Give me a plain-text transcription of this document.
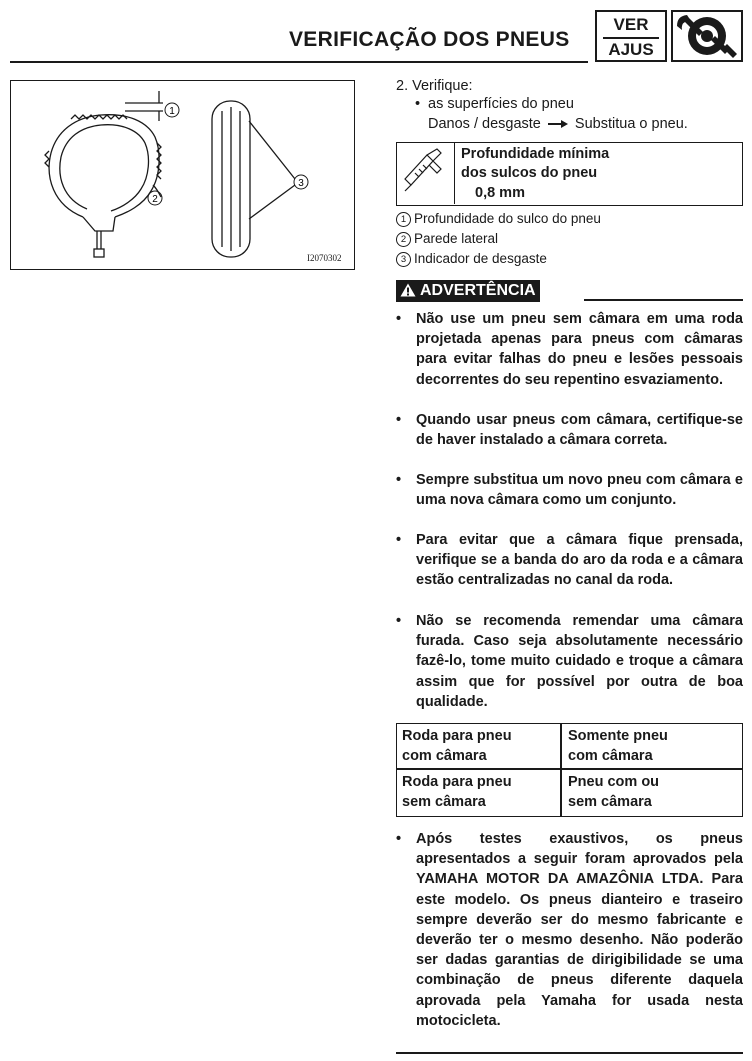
VERIFICAÇÃO DOS PNEUS
VER
AJUS
1
2
3
I2070302
2. Verifique:
• as superfícies do pneu
Danos / desgaste Substitua o pneu.
Profundidade mínima
dos sulcos do pneu
0,8 mm
1 Profundidade do sulco do pneu
2 Parede lateral
3 Indicador de desgaste
ADVERTÊNCIA
• Não use um pneu sem câmara em uma roda projetada apenas para pneus com câmaras para evitar falhas do pneu e lesões pessoais decorrentes do seu repentino esvaziamento.
• Quando usar pneus com câmara, certifique-se de haver instalado a câmara correta.
• Sempre substitua um novo pneu com câmara e uma nova câmara como um conjunto.
• Para evitar que a câmara fique prensada, verifique se a banda do aro da roda e a câmara estão centralizadas no canal da roda.
• Não se recomenda remendar uma câmara furada. Caso seja absolutamente necessário fazê-lo, tome muito cuidado e troque a câmara assim que for possível por outra de boa qualidade.
Roda para pneu
com câmara
Somente pneu
com câmara
Roda para pneu
sem câmara
Pneu com ou
sem câmara
• Após testes exaustivos, os pneus apresentados a seguir foram aprovados pela YAMAHA MOTOR DA AMAZÔNIA LTDA. Para este modelo. Os pneus dianteiro e traseiro sempre deverão ser do mesmo fabricante e deverão ter o mesmo desenho. Não poderão ser dadas garantias de dirigibilidade se uma combinação de pneus diferente daquela aprovada pela Yamaha for usada nesta motocicleta.
